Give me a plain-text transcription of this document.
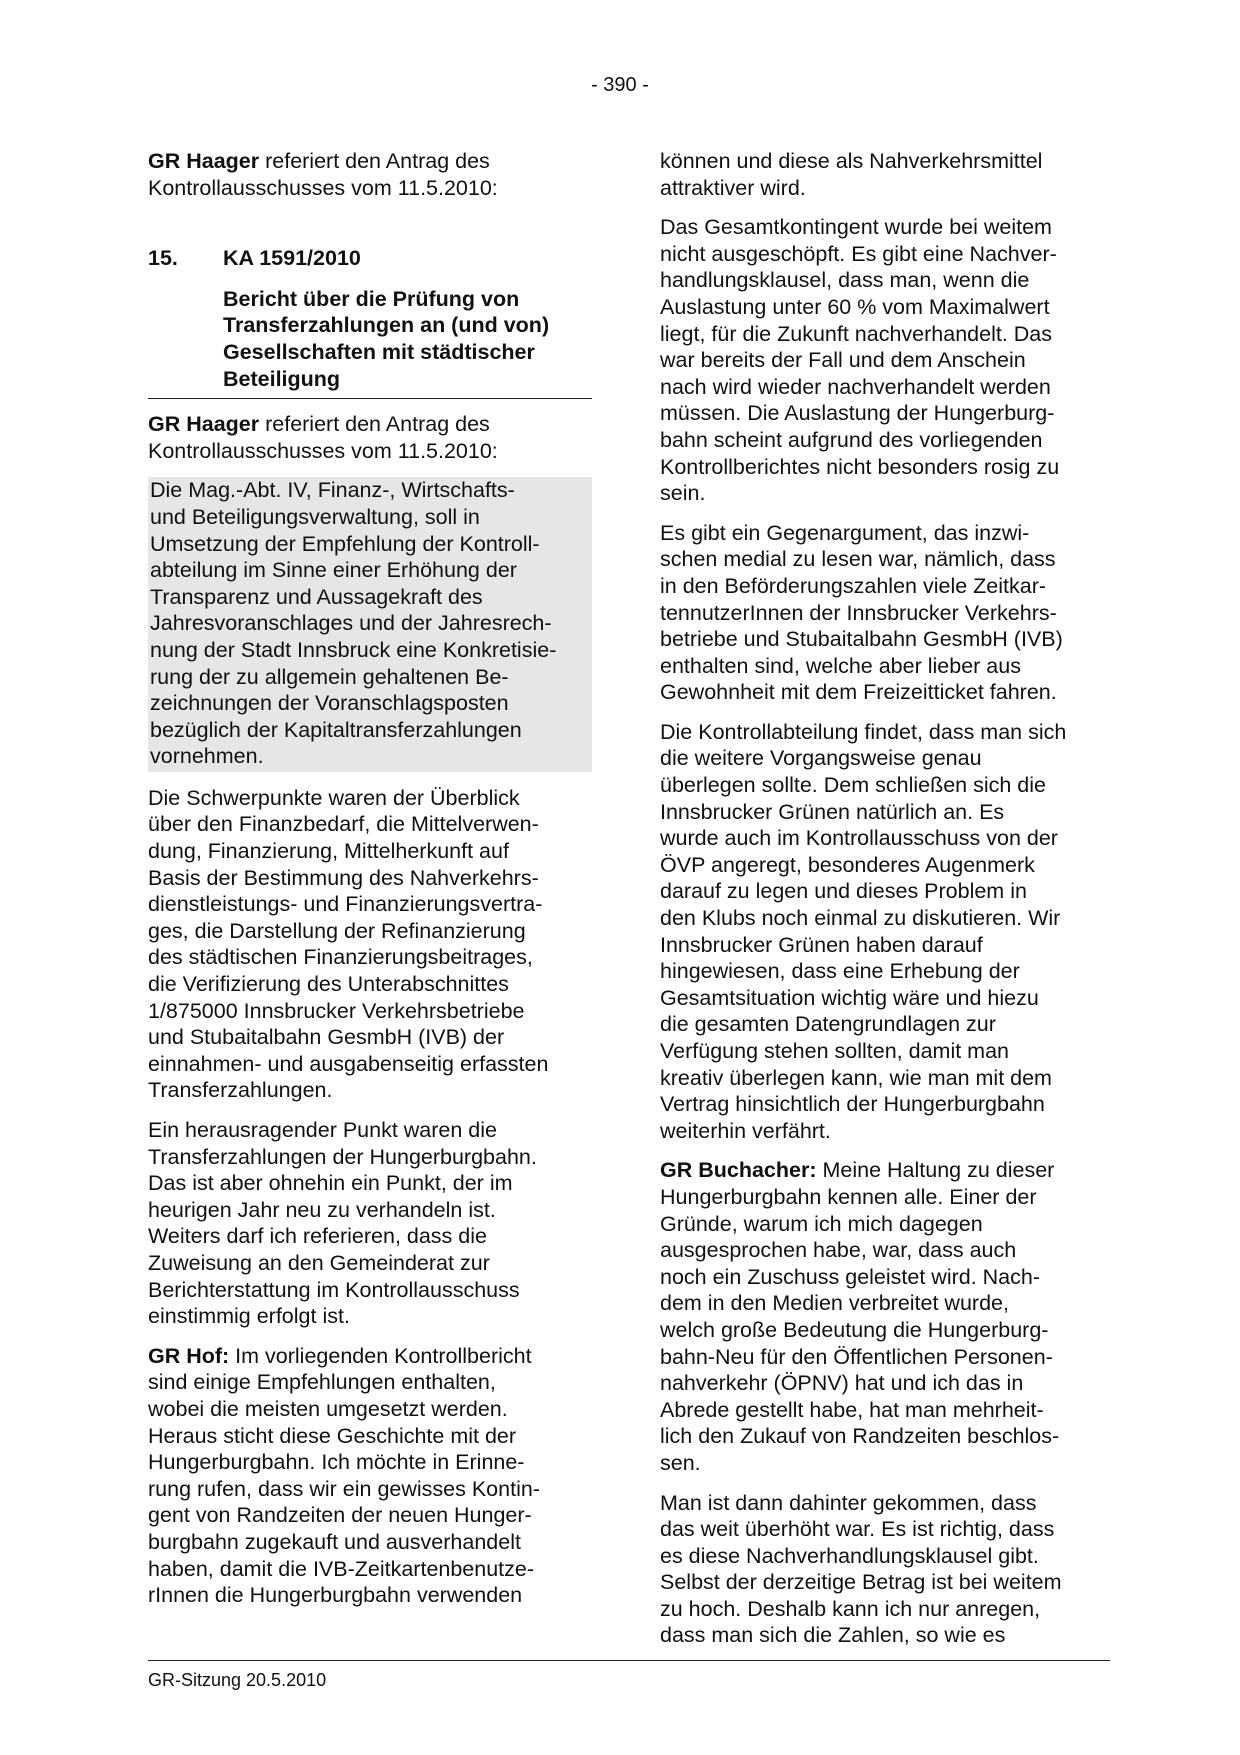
- 390 -

GR Haager referiert den Antrag des
Kontrollausschusses vom 11.5.2010:

15.	KA 1591/2010
Bericht über die Prüfung von
Transferzahlungen an (und von)
Gesellschaften mit städtischer
Beteiligung

GR Haager referiert den Antrag des
Kontrollausschusses vom 11.5.2010:

Die Mag.-Abt. IV, Finanz-, Wirtschafts-
und Beteiligungsverwaltung, soll in
Umsetzung der Empfehlung der Kontroll-
abteilung im Sinne einer Erhöhung der
Transparenz und Aussagekraft des
Jahresvoranschlages und der Jahresrech-
nung der Stadt Innsbruck eine Konkretisie-
rung der zu allgemein gehaltenen Be-
zeichnungen der Voranschlagsposten
bezüglich der Kapitaltransferzahlungen
vornehmen.

Die Schwerpunkte waren der Überblick
über den Finanzbedarf, die Mittelverwen-
dung, Finanzierung, Mittelherkunft auf
Basis der Bestimmung des Nahverkehrs-
dienstleistungs- und Finanzierungsvertra-
ges, die Darstellung der Refinanzierung
des städtischen Finanzierungsbeitrages,
die Verifizierung des Unterabschnittes
1/875000 Innsbrucker Verkehrsbetriebe
und Stubaitalbahn GesmbH (IVB) der
einnahmen- und ausgabenseitig erfassten
Transferzahlungen.

Ein herausragender Punkt waren die
Transferzahlungen der Hungerburgbahn.
Das ist aber ohnehin ein Punkt, der im
heurigen Jahr neu zu verhandeln ist.
Weiters darf ich referieren, dass die
Zuweisung an den Gemeinderat zur
Berichterstattung im Kontrollausschuss
einstimmig erfolgt ist.

GR Hof: Im vorliegenden Kontrollbericht
sind einige Empfehlungen enthalten,
wobei die meisten umgesetzt werden.
Heraus sticht diese Geschichte mit der
Hungerburgbahn. Ich möchte in Erinne-
rung rufen, dass wir ein gewisses Kontin-
gent von Randzeiten der neuen Hunger-
burgbahn zugekauft und ausverhandelt
haben, damit die IVB-Zeitkartenbenutze-
rInnen die Hungerburgbahn verwenden

können und diese als Nahverkehrsmittel
attraktiver wird.

Das Gesamtkontingent wurde bei weitem
nicht ausgeschöpft. Es gibt eine Nachver-
handlungsklausel, dass man, wenn die
Auslastung unter 60 % vom Maximalwert
liegt, für die Zukunft nachverhandelt. Das
war bereits der Fall und dem Anschein
nach wird wieder nachverhandelt werden
müssen. Die Auslastung der Hungerburg-
bahn scheint aufgrund des vorliegenden
Kontrollberichtes nicht besonders rosig zu
sein.

Es gibt ein Gegenargument, das inzwi-
schen medial zu lesen war, nämlich, dass
in den Beförderungszahlen viele Zeitkar-
tennutzerInnen der Innsbrucker Verkehrs-
betriebe und Stubaitalbahn GesmbH (IVB)
enthalten sind, welche aber lieber aus
Gewohnheit mit dem Freizeitticket fahren.

Die Kontrollabteilung findet, dass man sich
die weitere Vorgangsweise genau
überlegen sollte. Dem schließen sich die
Innsbrucker Grünen natürlich an. Es
wurde auch im Kontrollausschuss von der
ÖVP angeregt, besonderes Augenmerk
darauf zu legen und dieses Problem in
den Klubs noch einmal zu diskutieren. Wir
Innsbrucker Grünen haben darauf
hingewiesen, dass eine Erhebung der
Gesamtsituation wichtig wäre und hiezu
die gesamten Datengrundlagen zur
Verfügung stehen sollten, damit man
kreativ überlegen kann, wie man mit dem
Vertrag hinsichtlich der Hungerburgbahn
weiterhin verfährt.

GR Buchacher: Meine Haltung zu dieser
Hungerburgbahn kennen alle. Einer der
Gründe, warum ich mich dagegen
ausgesprochen habe, war, dass auch
noch ein Zuschuss geleistet wird. Nach-
dem in den Medien verbreitet wurde,
welch große Bedeutung die Hungerburg-
bahn-Neu für den Öffentlichen Personen-
nahverkehr (ÖPNV) hat und ich das in
Abrede gestellt habe, hat man mehrheit-
lich den Zukauf von Randzeiten beschlos-
sen.

Man ist dann dahinter gekommen, dass
das weit überhöht war. Es ist richtig, dass
es diese Nachverhandlungsklausel gibt.
Selbst der derzeitige Betrag ist bei weitem
zu hoch. Deshalb kann ich nur anregen,
dass man sich die Zahlen, so wie es

GR-Sitzung 20.5.2010
